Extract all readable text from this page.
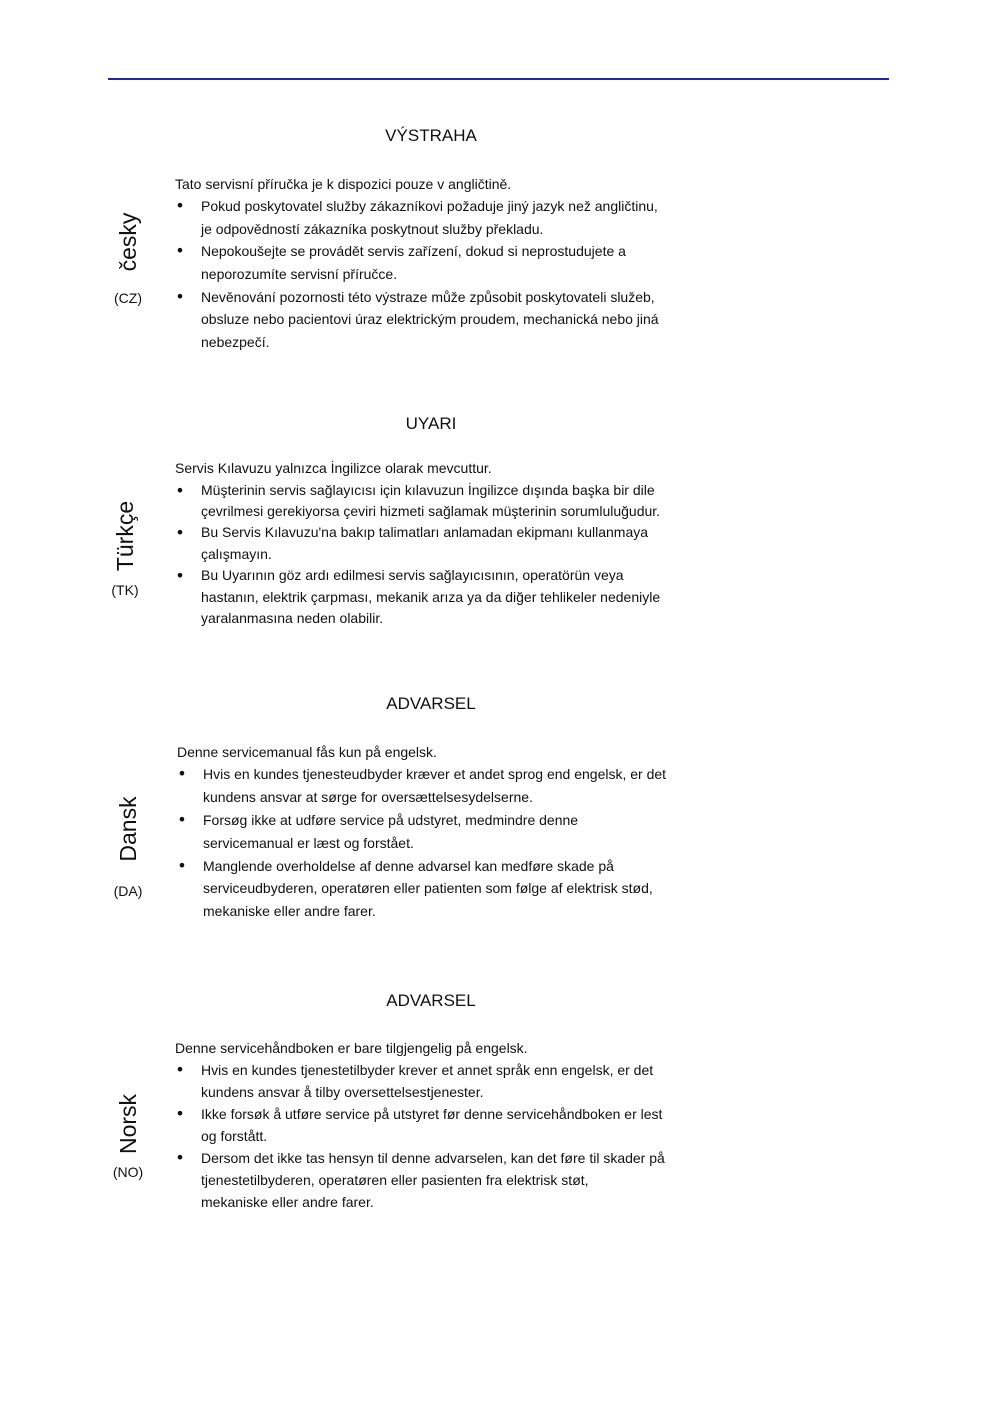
VÝSTRAHA
česky
(CZ)
Tato servisní příručka je k dispozici pouze v angličtině.
•
Pokud poskytovatel služby zákazníkovi požaduje jiný jazyk než angličtinu,
je odpovědností zákazníka poskytnout služby překladu.
•
Nepokoušejte se provádět servis zařízení, dokud si neprostudujete a
neporozumíte servisní příručce.
•
Nevěnování pozornosti této výstraze může způsobit poskytovateli služeb,
obsluze nebo pacientovi úraz elektrickým proudem, mechanická nebo jiná
nebezpečí.
UYARI
Türkçe
(TK)
Servis Kılavuzu yalnızca İngilizce olarak mevcuttur.
•
Müşterinin servis sağlayıcısı için kılavuzun İngilizce dışında başka bir dile
çevrilmesi gerekiyorsa çeviri hizmeti sağlamak müşterinin sorumluluğudur.
•
Bu Servis Kılavuzu'na bakıp talimatları anlamadan ekipmanı kullanmaya
çalışmayın.
•
Bu Uyarının göz ardı edilmesi servis sağlayıcısının, operatörün veya
hastanın, elektrik çarpması, mekanik arıza ya da diğer tehlikeler nedeniyle
yaralanmasına neden olabilir.
ADVARSEL
Dansk
(DA)
Denne servicemanual fås kun på engelsk.
•
Hvis en kundes tjenesteudbyder kræver et andet sprog end engelsk, er det
kundens ansvar at sørge for oversættelsesydelserne.
•
Forsøg ikke at udføre service på udstyret, medmindre denne
servicemanual er læst og forstået.
•
Manglende overholdelse af denne advarsel kan medføre skade på
serviceudbyderen, operatøren eller patienten som følge af elektrisk stød,
mekaniske eller andre farer.
ADVARSEL
Norsk
(NO)
Denne servicehåndboken er bare tilgjengelig på engelsk.
•
Hvis en kundes tjenestetilbyder krever et annet språk enn engelsk, er det
kundens ansvar å tilby oversettelsestjenester.
•
Ikke forsøk å utføre service på utstyret før denne servicehåndboken er lest
og forstått.
•
Dersom det ikke tas hensyn til denne advarselen, kan det føre til skader på
tjenestetilbyderen, operatøren eller pasienten fra elektrisk støt,
mekaniske eller andre farer.
